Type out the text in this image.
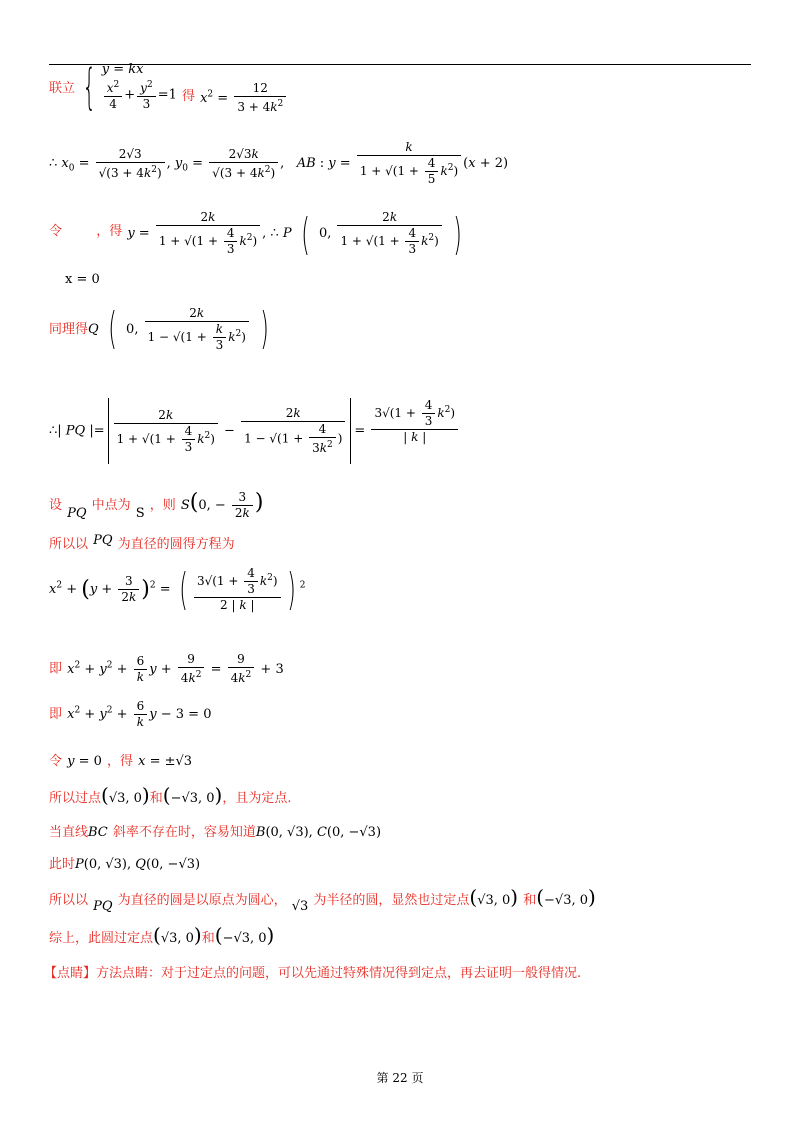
联立 { y = kx
$\frac{x^2}{4} + \frac{y^2}{3} =1$ $_得$ $_{x^2 = \frac{12}{3 + 4k^2}}$
∴ $x_0 = \frac{2√3}{√(3 + 4k^2)}$ , $y_0 = \frac{2√3k}{√(3 + 4k^2)}$ ,   AB : $y = \frac{k}{1 + √(1 + \frac{4}{5} k^2)} (x + 2)$
$^令$	$^{,得}$ $y = \frac{2k}{1 + √(1 + \frac{4}{3} k^2)}$ , ∴ P ( 0, $\frac{2k}{1 + √(1 + \frac{4}{3} k^2)}$ )
x = 0
同理得Q ( 0, $\frac{2k}{1 - √(1 + \frac{k}{3} k^2)}$ )
∴| PQ |= $\frac{2k}{1 + √(1 + \frac{4}{3} k^2)} - \frac{2k}{1 - √(1 + \frac{4}{3k^2} )} = \frac{3√(1 + \frac{4}{3} k^2)}{| k |}$
设 $_{PQ}$ 中点为 $_S$ ，则 S(0, − $\frac{3}{2k}$ )
所以以 $^{PQ}$ 为直径的圆得方程为
$x^2 + (y + \frac{3}{2k} )^2$ = ( $\frac{3√(1 + \frac{4}{3} k^2)}{2 | k |}$ ) $^2$
即 $x^2 + y^2 + \frac{6}{k}$ $y + \frac{9}{4k^2} = \frac{9}{4k^2} + 3$
即 $x^2 + y^2 + \frac{6}{k}$ y − 3 = 0
令 y = 0 ，得 x = ±√3
所以过点(√3, 0)和(−√3, 0)，且为定点.
当直线BC 斜率不存在时，容易知道B(0, √3), C(0, −√3)
此时P(0, √3), Q(0, −√3)
所以以 $_{PQ}$ 为直径的圆是以原点为圆心， $_{√3}$ 为半径的圆，显然也过定点(√3, 0) 和(−√3, 0)
综上，此圆过定点(√3, 0)和(−√3, 0)
【点睛】方法点睛：对于过定点的问题，可以先通过特殊情况得到定点，再去证明一般得情况.
第 22 页
